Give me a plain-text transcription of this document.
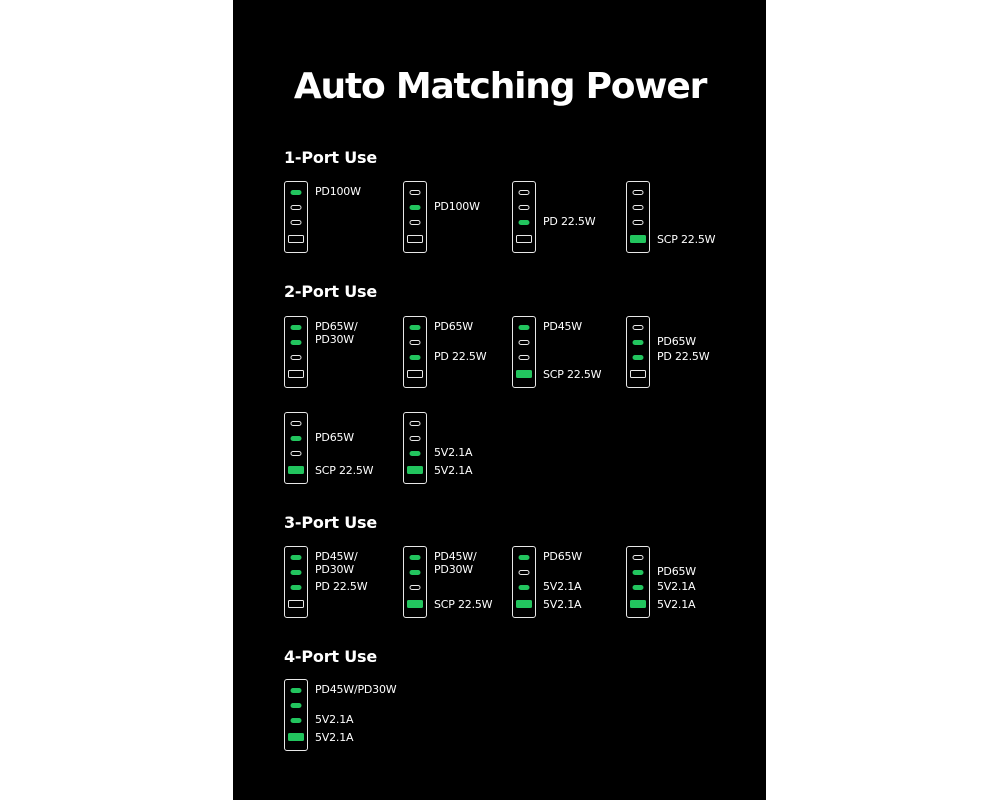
Auto Matching Power
1-Port Use
PD100W
PD100W
PD 22.5W
SCP 22.5W
2-Port Use
PD65W/
PD30W
PD65W
PD 22.5W
PD45W
SCP 22.5W
PD65W
PD 22.5W
PD65W
SCP 22.5W
5V2.1A
5V2.1A
3-Port Use
PD45W/
PD30W
PD 22.5W
PD45W/
PD30W
SCP 22.5W
PD65W
5V2.1A
5V2.1A
PD65W
5V2.1A
5V2.1A
4-Port Use
PD45W/PD30W
5V2.1A
5V2.1A
